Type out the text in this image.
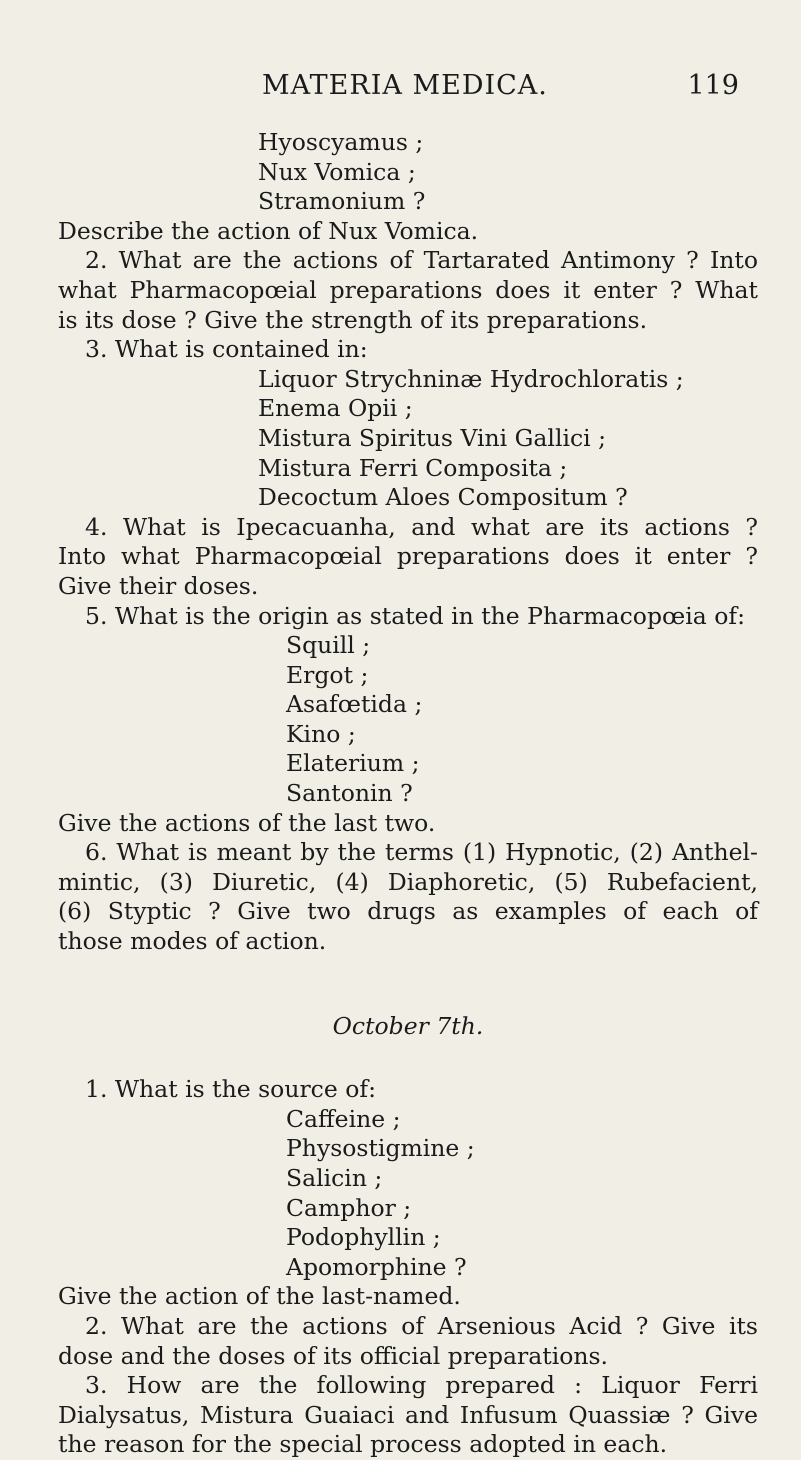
MATERIA MEDICA.	119
Hyoscyamus ;
Nux Vomica ;
Stramonium ?
Describe the action of Nux Vomica.
2. What are the actions of Tartarated Antimony ? Into
what Pharmacopœial preparations does it enter ? What
is its dose ? Give the strength of its preparations.
3. What is contained in:
Liquor Strychninæ Hydrochloratis ;
Enema Opii ;
Mistura Spiritus Vini Gallici ;
Mistura Ferri Composita ;
Decoctum Aloes Compositum ?
4. What is Ipecacuanha, and what are its actions ?
Into what Pharmacopœial preparations does it enter ?
Give their doses.
5. What is the origin as stated in the Pharmacopœia of:
Squill ;
Ergot ;
Asafœtida ;
Kino ;
Elaterium ;
Santonin ?
Give the actions of the last two.
6. What is meant by the terms (1) Hypnotic, (2) Anthel-
mintic, (3) Diuretic, (4) Diaphoretic, (5) Rubefacient,
(6) Styptic ? Give two drugs as examples of each of
those modes of action.
October 7th.
1. What is the source of:
Caffeine ;
Physostigmine ;
Salicin ;
Camphor ;
Podophyllin ;
Apomorphine ?
Give the action of the last-named.
2. What are the actions of Arsenious Acid ? Give its
dose and the doses of its official preparations.
3. How are the following prepared : Liquor Ferri
Dialysatus, Mistura Guaiaci and Infusum Quassiæ ? Give
the reason for the special process adopted in each.
